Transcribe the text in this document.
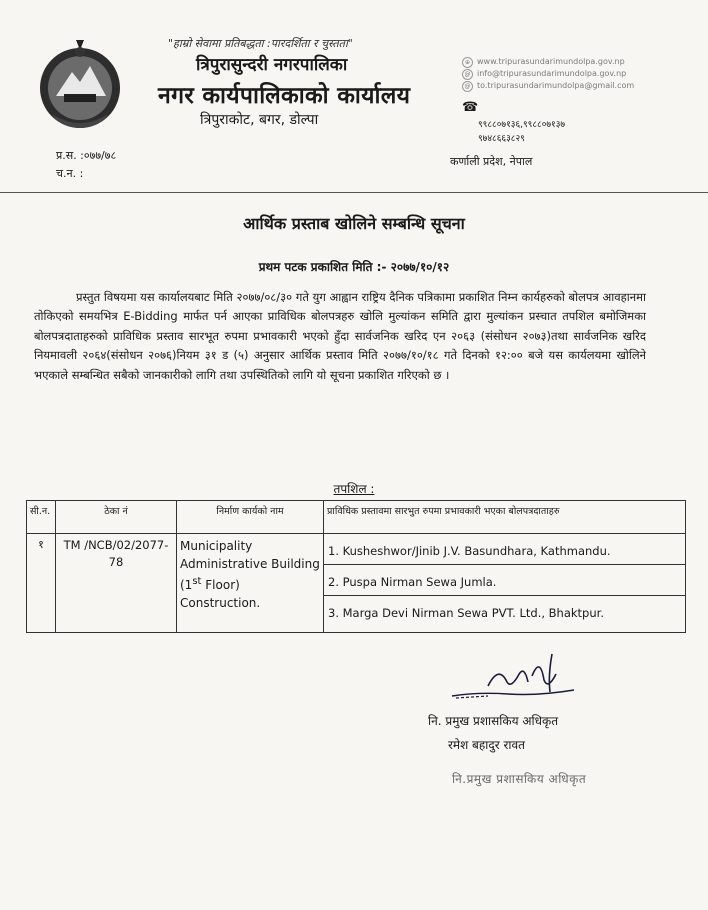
"हाम्रो सेवामा प्रतिबद्धता :पारदर्शिता र चुस्तता"
त्रिपुरासुन्दरी नगरपालिका
नगर कार्यपालिकाको कार्यालय
त्रिपुराकोट, बगर, डोल्पा
प्र.स. :०७७/७८
च.न. :
⊕ www.tripurasundarimundolpa.gov.np
@ info@tripurasundarimundolpa.gov.np
@ to.tripurasundarimundolpa@gmail.com
☎
९९८८०७१३६,९९८८०७१३७
९७४८६६३८२९
कर्णाली प्रदेश, नेपाल
आर्थिक प्रस्ताब खोलिने सम्बन्धि सूचना
प्रथम पटक प्रकाशित मिति :- २०७७/१०/१२
प्रस्तुत विषयमा यस कार्यालयबाट मिति २०७७/०८/३० गते युग आह्वान राष्ट्रिय दैनिक पत्रिकामा प्रकाशित निम्न कार्यहरुको बोलपत्र आवहानमा तोकिएको समयभित्र E-Bidding मार्फत पर्न आएका प्राविधिक बोलपत्रहरु खोलि मुल्यांकन समिति द्वारा मुल्यांकन प्रस्चात तपशिल बमोजिमका बोलपत्रदाताहरुको प्राविधिक प्रस्ताव सारभूत रुपमा प्रभावकारी भएको हुँदा सार्वजनिक खरिद एन २०६३ (संसोधन २०७३)तथा सार्वजनिक खरिद नियमावली २०६४(संसोधन २०७६)नियम ३१ ड (५) अनुसार आर्थिक प्रस्ताव मिति २०७७/१०/१८ गते दिनको १२:०० बजे यस कार्यलयमा खोलिने भएकाले सम्बन्धित सबैको जानकारीको लागि तथा उपस्थितिको लागि यो सूचना प्रकाशित गरिएको छ ।
तपशिल :
सी.न.	ठेका नं	निर्माण कार्यको नाम	प्राविधिक प्रस्तावमा सारभुत रुपमा प्रभावकारी भएका बोलपत्रदाताहरु
१	TM /NCB/02/2077-78	Municipality Administrative Building (1st Floor) Construction.	1. Kusheshwor/Jinib J.V. Basundhara, Kathmandu.
2. Puspa Nirman Sewa Jumla.
3. Marga Devi Nirman Sewa PVT. Ltd., Bhaktpur.
नि. प्रमुख प्रशासकिय अधिकृत
रमेश बहादुर रावत
नि.प्रमुख प्रशासकिय अधिकृत
